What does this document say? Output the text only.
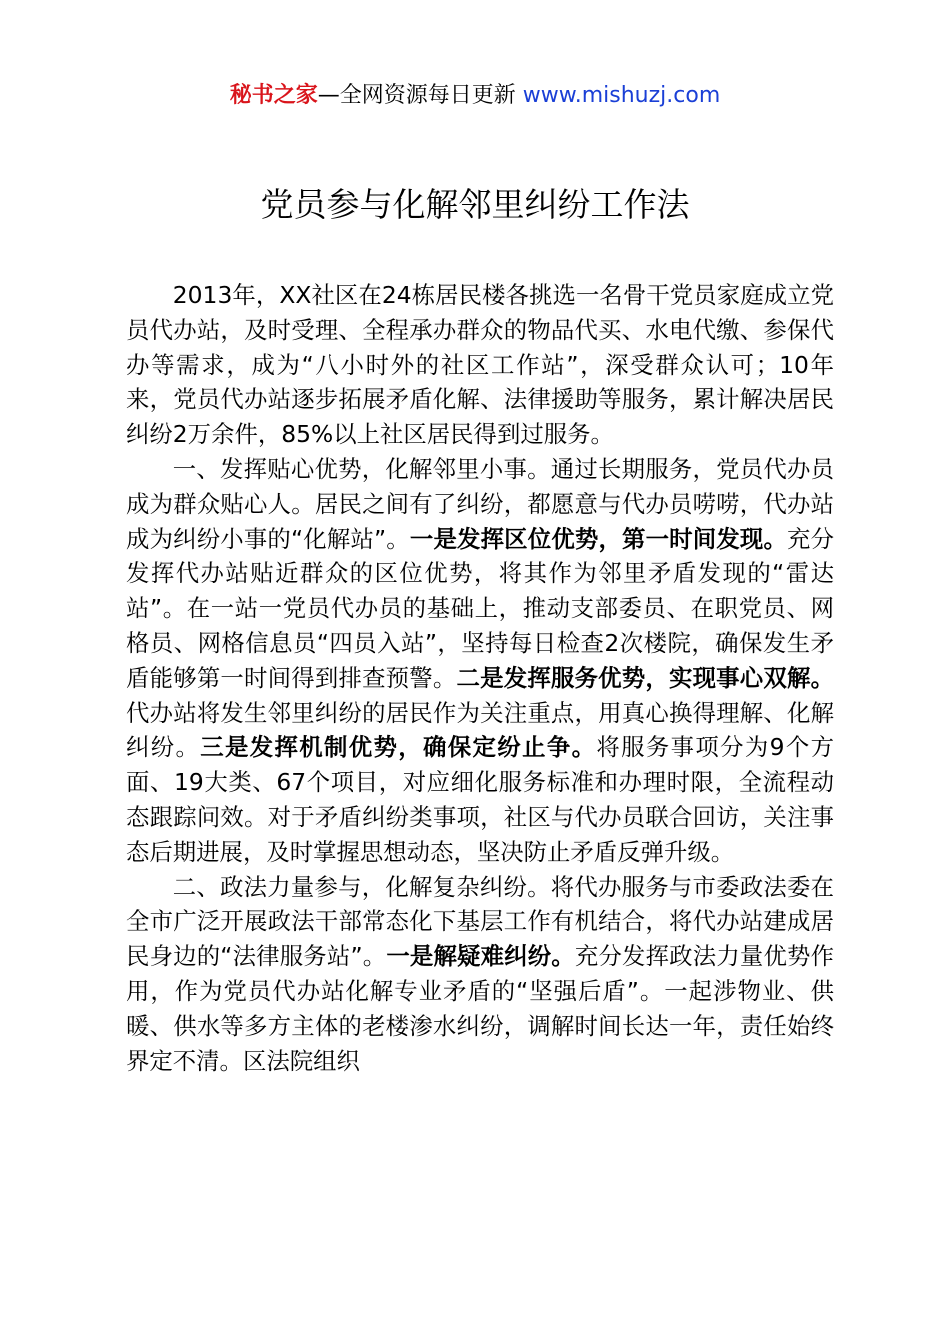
秘书之家—全网资源每日更新 www.mishuzj.com
党员参与化解邻里纠纷工作法

2013年，XX社区在24栋居民楼各挑选一名骨干党员家庭成立党员代办站，及时受理、全程承办群众的物品代买、水电代缴、参保代办等需求，成为“八小时外的社区工作站”，深受群众认可；10年来，党员代办站逐步拓展矛盾化解、法律援助等服务，累计解决居民纠纷2万余件，85%以上社区居民得到过服务。

一、发挥贴心优势，化解邻里小事。通过长期服务，党员代办员成为群众贴心人。居民之间有了纠纷，都愿意与代办员唠唠，代办站成为纠纷小事的“化解站”。一是发挥区位优势，第一时间发现。充分发挥代办站贴近群众的区位优势，将其作为邻里矛盾发现的“雷达站”。在一站一党员代办员的基础上，推动支部委员、在职党员、网格员、网格信息员“四员入站”，坚持每日检查2次楼院，确保发生矛盾能够第一时间得到排查预警。二是发挥服务优势，实现事心双解。代办站将发生邻里纠纷的居民作为关注重点，用真心换得理解、化解纠纷。三是发挥机制优势，确保定纷止争。将服务事项分为9个方面、19大类、67个项目，对应细化服务标准和办理时限，全流程动态跟踪问效。对于矛盾纠纷类事项，社区与代办员联合回访，关注事态后期进展，及时掌握思想动态，坚决防止矛盾反弹升级。

二、政法力量参与，化解复杂纠纷。将代办服务与市委政法委在全市广泛开展政法干部常态化下基层工作有机结合，将代办站建成居民身边的“法律服务站”。一是解疑难纠纷。充分发挥政法力量优势作用，作为党员代办站化解专业矛盾的“坚强后盾”。一起涉物业、供暖、供水等多方主体的老楼渗水纠纷，调解时间长达一年，责任始终界定不清。区法院组织
